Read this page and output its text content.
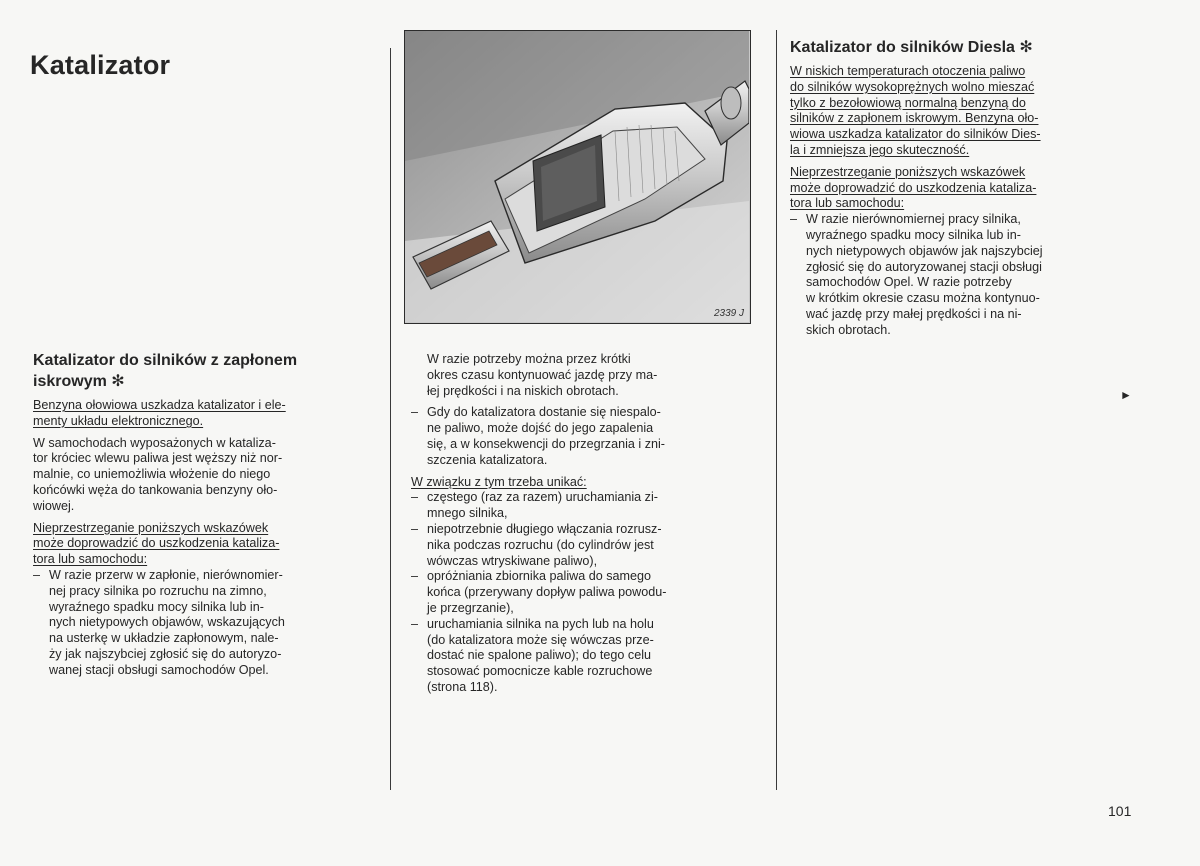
Katalizator
2339 J

Katalizator do silników z zapłonem
iskrowym ✻

Benzyna ołowiowa uszkadza katalizator i ele-
menty układu elektronicznego.

W samochodach wyposażonych w kataliza-
tor króciec wlewu paliwa jest węższy niż nor-
malnie, co uniemożliwia włożenie do niego
końcówki węża do tankowania benzyny oło-
wiowej.

Nieprzestrzeganie poniższych wskazówek
może doprowadzić do uszkodzenia kataliza-
tora lub samochodu:

– W razie przerw w zapłonie, nierównomier-
nej pracy silnika po rozruchu na zimno,
wyraźnego spadku mocy silnika lub in-
nych nietypowych objawów, wskazujących
na usterkę w układzie zapłonowym, nale-
ży jak najszybciej zgłosić się do autoryzo-
wanej stacji obsługi samochodów Opel.

W razie potrzeby można przez krótki
okres czasu kontynuować jazdę przy ma-
łej prędkości i na niskich obrotach.

– Gdy do katalizatora dostanie się niespalo-
ne paliwo, może dojść do jego zapalenia
się, a w konsekwencji do przegrzania i zni-
szczenia katalizatora.

W związku z tym trzeba unikać:

– częstego (raz za razem) uruchamiania zi-
mnego silnika,
– niepotrzebnie długiego włączania rozrusz-
nika podczas rozruchu (do cylindrów jest
wówczas wtryskiwane paliwo),
– opróżniania zbiornika paliwa do samego
końca (przerywany dopływ paliwa powodu-
je przegrzanie),
– uruchamiania silnika na pych lub na holu
(do katalizatora może się wówczas prze-
dostać nie spalone paliwo); do tego celu
stosować pomocnicze kable rozruchowe
(strona 118).

Katalizator do silników Diesla ✻

W niskich temperaturach otoczenia paliwo
do silników wysokoprężnych wolno mieszać
tylko z bezołowiową normalną benzyną do
silników z zapłonem iskrowym. Benzyna oło-
wiowa uszkadza katalizator do silników Dies-
la i zmniejsza jego skuteczność.

Nieprzestrzeganie poniższych wskazówek
może doprowadzić do uszkodzenia kataliza-
tora lub samochodu:

– W razie nierównomiernej pracy silnika,
wyraźnego spadku mocy silnika lub in-
nych nietypowych objawów jak najszybciej
zgłosić się do autoryzowanej stacji obsługi
samochodów Opel. W razie potrzeby
w krótkim okresie czasu można kontynuo-
wać jazdę przy małej prędkości i na ni-
skich obrotach.
►
101
